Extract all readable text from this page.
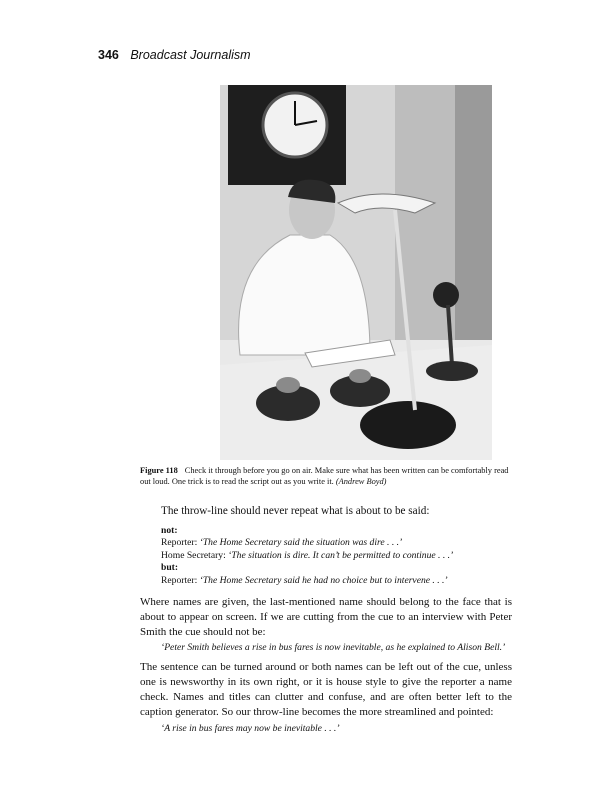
346 Broadcast Journalism
Figure 118 Check it through before you go on air. Make sure what has been written can be comfortably read out loud. One trick is to read the script out as you write it. (Andrew Boyd)
The throw-line should never repeat what is about to be said:
not:
Reporter: ‘The Home Secretary said the situation was dire . . .’
Home Secretary: ‘The situation is dire. It can’t be permitted to continue . . .’
but:
Reporter: ‘The Home Secretary said he had no choice but to intervene . . .’
Where names are given, the last-mentioned name should belong to the face that is about to appear on screen. If we are cutting from the cue to an interview with Peter Smith the cue should not be:
‘Peter Smith believes a rise in bus fares is now inevitable, as he explained to Alison Bell.’
The sentence can be turned around or both names can be left out of the cue, unless one is newsworthy in its own right, or it is house style to give the reporter a name check. Names and titles can clutter and confuse, and are often better left to the caption generator. So our throw-line becomes the more streamlined and pointed:
‘A rise in bus fares may now be inevitable . . .’
